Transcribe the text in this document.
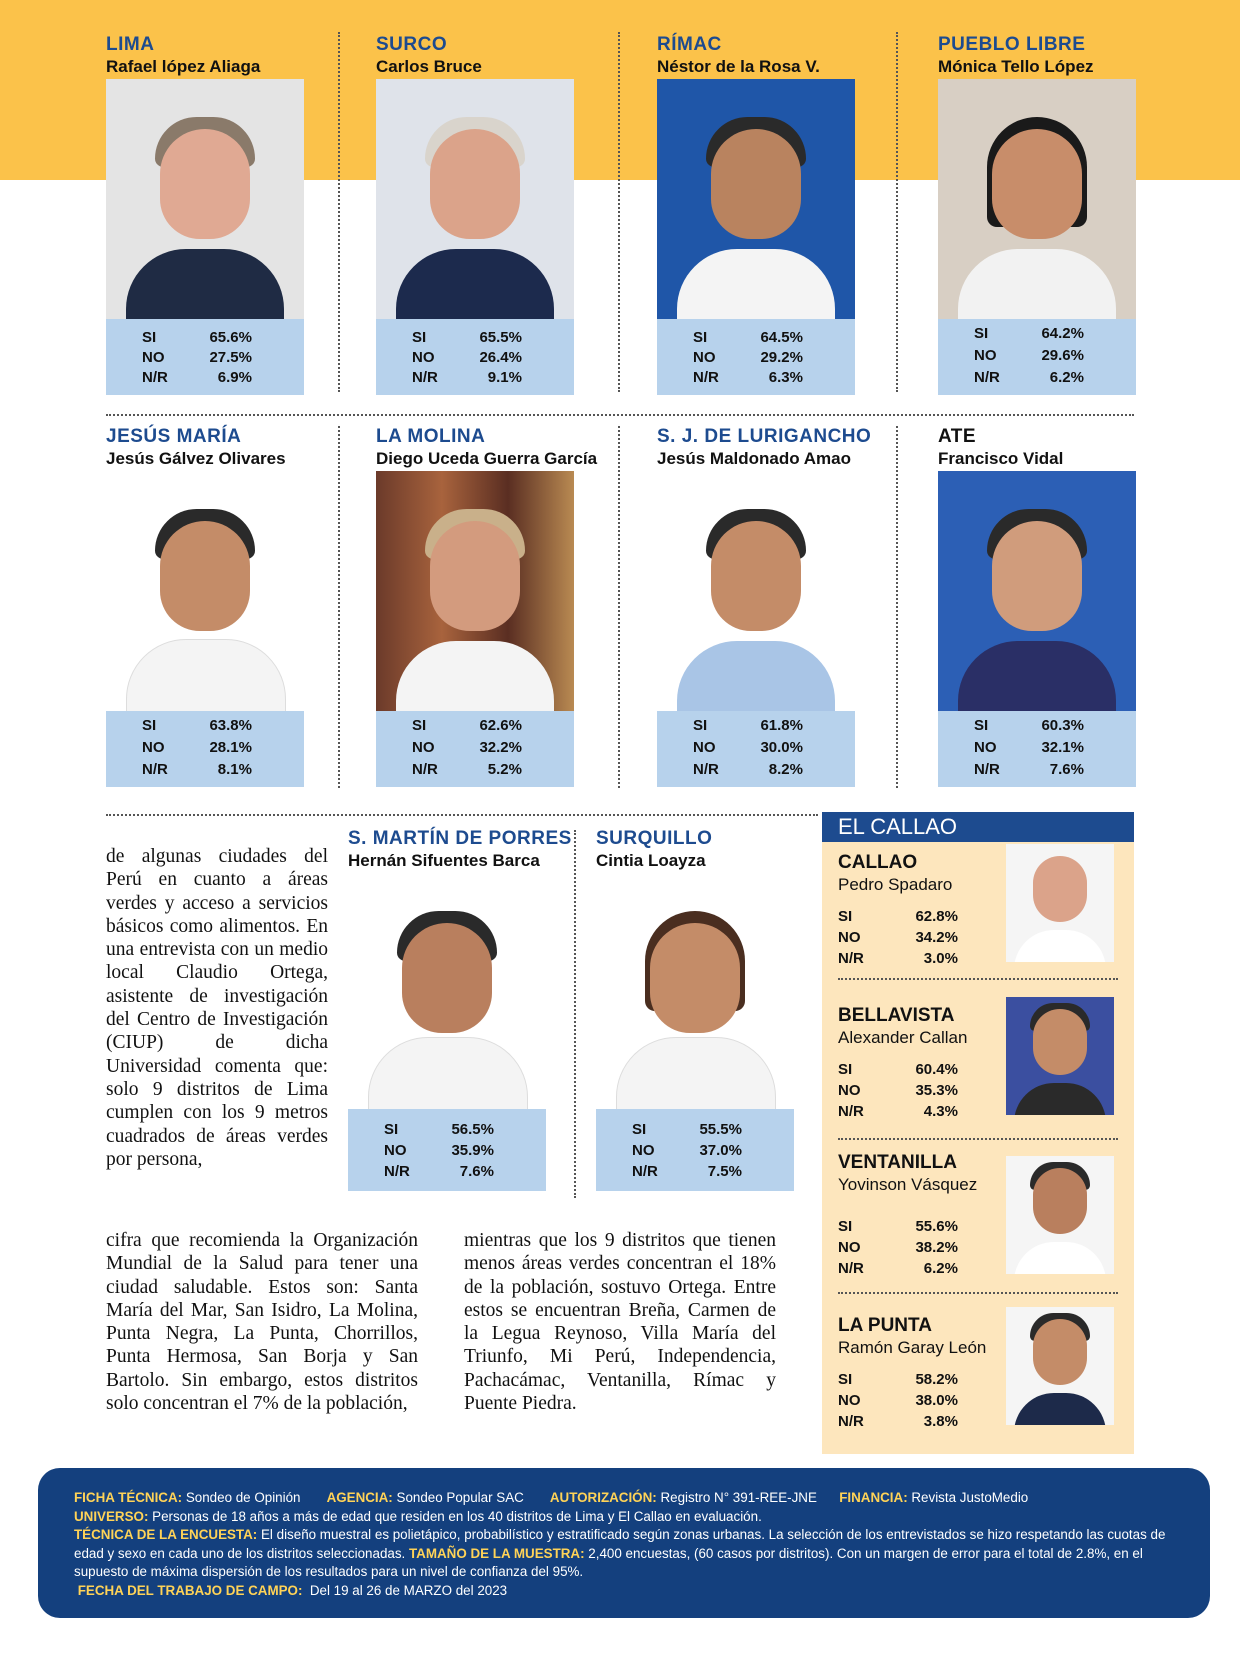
LIMA
Rafael lópez Aliaga
SI	65.6%
NO	27.5%
N/R	6.9%
SURCO
Carlos Bruce
SI	65.5%
NO	26.4%
N/R	9.1%
RÍMAC
Néstor de la Rosa V.
SI	64.5%
NO	29.2%
N/R	6.3%
PUEBLO LIBRE
Mónica Tello López
SI	64.2%
NO	29.6%
N/R	6.2%
JESÚS MARÍA
Jesús Gálvez Olivares
SI	63.8%
NO	28.1%
N/R	8.1%
LA MOLINA
Diego Uceda Guerra García
SI	62.6%
NO	32.2%
N/R	5.2%
S. J. DE LURIGANCHO
Jesús Maldonado Amao
SI	61.8%
NO	30.0%
N/R	8.2%
ATE
Francisco Vidal
SI	60.3%
NO	32.1%
N/R	7.6%
S. MARTÍN DE PORRES
Hernán Sifuentes Barca
SI	56.5%
NO	35.9%
N/R	7.6%
SURQUILLO
Cintia Loayza
SI	55.5%
NO	37.0%
N/R	7.5%
de algunas ciudades del Perú en cuanto a áreas verdes y acceso a servicios básicos como alimentos. En una entrevista con un medio local Claudio Ortega, asistente de investigación del Centro de Investigación (CIUP) de dicha Universidad comenta que: solo 9 distritos de Lima cumplen con los 9 metros cuadrados de áreas verdes por persona,
cifra que recomienda la Organización Mundial de la Salud para tener una ciudad saludable. Estos son: Santa María del Mar, San Isidro, La Molina, Punta Negra, La Punta, Chorrillos, Punta Hermosa, San Borja y San Bartolo. Sin embargo, estos distritos solo concentran el 7% de la población,
mientras que los 9 distritos que tienen menos áreas verdes concentran el 18% de la población, sostuvo Ortega. Entre estos se encuentran Breña, Carmen de la Legua Reynoso, Villa María del Triunfo, Mi Perú, Independencia, Pachacámac, Ventanilla, Rímac y Puente Piedra.
EL CALLAO
CALLAO
Pedro Spadaro
SI	62.8%
NO	34.2%
N/R	3.0%
BELLAVISTA
Alexander Callan
SI	60.4%
NO	35.3%
N/R	4.3%
VENTANILLA
Yovinson Vásquez
SI	55.6%
NO	38.2%
N/R	6.2%
LA PUNTA
Ramón Garay León
SI	58.2%
NO	38.0%
N/R	3.8%
FICHA TÉCNICA: Sondeo de Opinión AGENCIA: Sondeo Popular SAC AUTORIZACIÓN: Registro N° 391-REE-JNE FINANCIA: Revista JustoMedio
UNIVERSO: Personas de 18 años a más de edad que residen en los 40 distritos de Lima y El Callao en evaluación.
TÉCNICA DE LA ENCUESTA: El diseño muestral es polietápico, probabilístico y estratificado según zonas urbanas. La selección de los entrevistados se hizo respetando las cuotas de edad y sexo en cada uno de los distritos seleccionadas. TAMAÑO DE LA MUESTRA: 2,400 encuestas, (60 casos por distritos). Con un margen de error para el total de 2.8%, en el supuesto de máxima dispersión de los resultados para un nivel de confianza del 95%.
FECHA DEL TRABAJO DE CAMPO: Del 19 al 26 de MARZO del 2023
